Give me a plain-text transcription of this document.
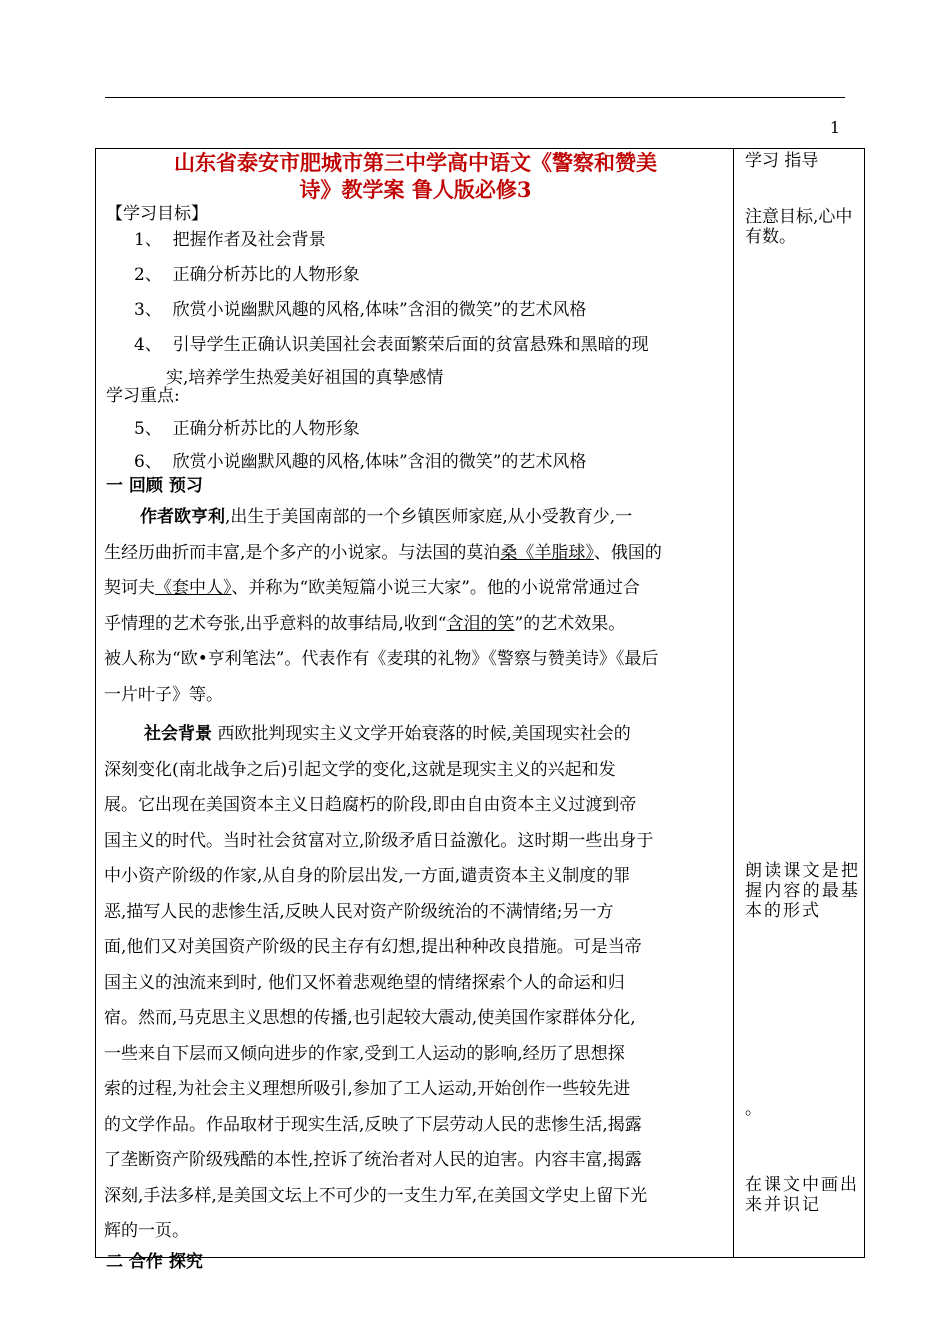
山东省泰安市肥城市第三中学高中语文《警察和赞美
诗》教学案 鲁人版必修3

【学习目标】
1、 把握作者及社会背景
2、 正确分析苏比的人物形象
3、 欣赏小说幽默风趣的风格,体味”含泪的微笑”的艺术风格
4、 引导学生正确认识美国社会表面繁荣后面的贫富悬殊和黑暗的现
实,培养学生热爱美好祖国的真挚感情
学习重点:
5、 正确分析苏比的人物形象
6、 欣赏小说幽默风趣的风格,体味”含泪的微笑”的艺术风格
一 回顾 预习
作者欧亨利,出生于美国南部的一个乡镇医师家庭,从小受教育少,一
生经历曲折而丰富,是个多产的小说家。与法国的莫泊桑《羊脂球》、俄国的
契诃夫《套中人》、并称为“欧美短篇小说三大家”。他的小说常常通过合
乎情理的艺术夸张,出乎意料的故事结局,收到“含泪的笑”的艺术效果。
被人称为“欧•亨利笔法”。代表作有《麦琪的礼物》《警察与赞美诗》《最后
一片叶子》等。
社会背景 西欧批判现实主义文学开始衰落的时候,美国现实社会的
深刻变化(南北战争之后)引起文学的变化,这就是现实主义的兴起和发
展。它出现在美国资本主义日趋腐朽的阶段,即由自由资本主义过渡到帝
国主义的时代。当时社会贫富对立,阶级矛盾日益激化。这时期一些出身于
中小资产阶级的作家,从自身的阶层出发,一方面,谴责资本主义制度的罪
恶,描写人民的悲惨生活,反映人民对资产阶级统治的不满情绪;另一方
面,他们又对美国资产阶级的民主存有幻想,提出种种改良措施。可是当帝
国主义的浊流来到时, 他们又怀着悲观绝望的情绪探索个人的命运和归
宿。然而,马克思主义思想的传播,也引起较大震动,使美国作家群体分化,
一些来自下层而又倾向进步的作家,受到工人运动的影响,经历了思想探
索的过程,为社会主义理想所吸引,参加了工人运动,开始创作一些较先进
的文学作品。作品取材于现实生活,反映了下层劳动人民的悲惨生活,揭露
了垄断资产阶级残酷的本性,控诉了统治者对人民的迫害。内容丰富,揭露
深刻,手法多样,是美国文坛上不可少的一支生力军,在美国文学史上留下光
辉的一页。
二 合作 探究
学习 指导
注意目标,心中有数。
朗读课文是把握内容的最基本的形式
。
在课文中画出来并识记
1
